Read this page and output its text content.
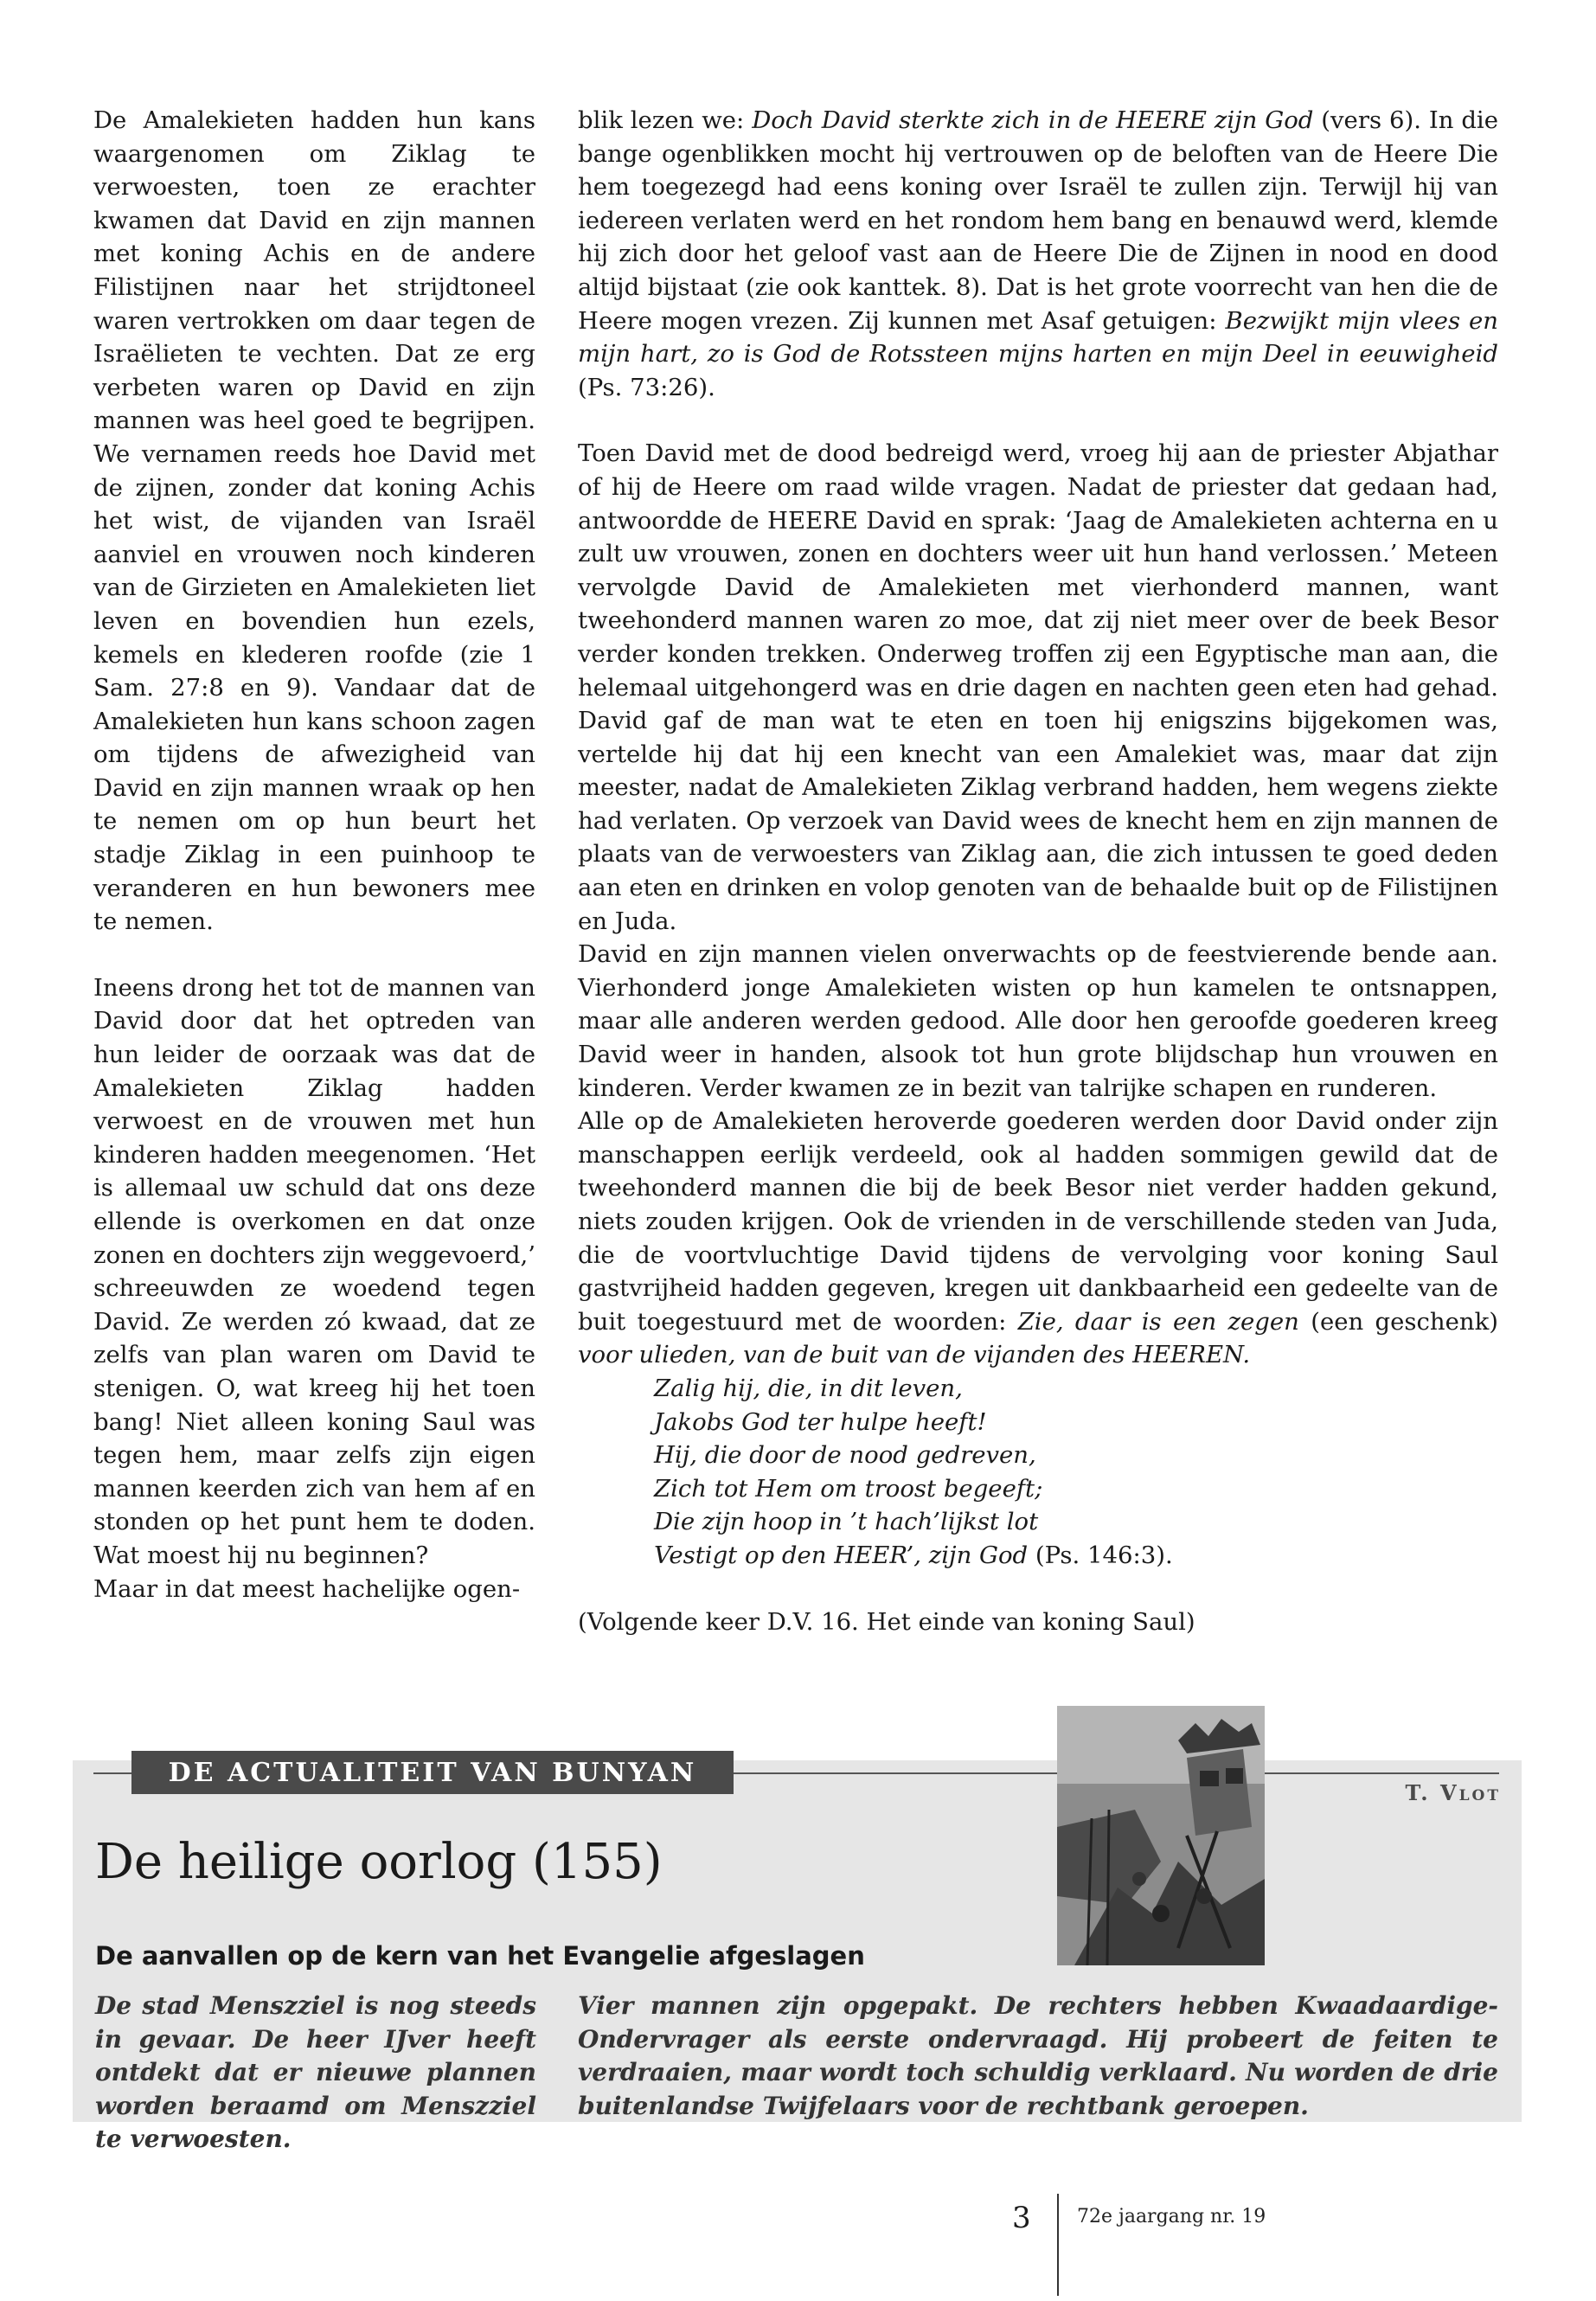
De Amalekieten hadden hun kans waargenomen om Ziklag te verwoesten, toen ze erachter kwamen dat David en zijn mannen met koning Achis en de andere Filistijnen naar het strijdtoneel waren vertrokken om daar tegen de Israëlieten te vechten. Dat ze erg verbeten waren op David en zijn mannen was heel goed te begrijpen. We vernamen reeds hoe David met de zijnen, zonder dat koning Achis het wist, de vijanden van Israël aanviel en vrouwen noch kinderen van de Girzieten en Amalekieten liet leven en bovendien hun ezels, kemels en klederen roofde (zie 1 Sam. 27:8 en 9). Vandaar dat de Amalekieten hun kans schoon zagen om tijdens de afwezigheid van David en zijn mannen wraak op hen te nemen om op hun beurt het stadje Ziklag in een puinhoop te veranderen en hun bewoners mee te nemen.

Ineens drong het tot de mannen van David door dat het optreden van hun leider de oorzaak was dat de Amalekieten Ziklag hadden verwoest en de vrouwen met hun kinderen hadden meegenomen. ‘Het is allemaal uw schuld dat ons deze ellende is overkomen en dat onze zonen en dochters zijn weggevoerd,’ schreeuwden ze woedend tegen David. Ze werden zó kwaad, dat ze zelfs van plan waren om David te stenigen. O, wat kreeg hij het toen bang! Niet alleen koning Saul was tegen hem, maar zelfs zijn eigen mannen keerden zich van hem af en stonden op het punt hem te doden. Wat moest hij nu beginnen?

Maar in dat meest hachelijke ogen-

blik lezen we: Doch David sterkte zich in de HEERE zijn God (vers 6). In die bange ogenblikken mocht hij vertrouwen op de beloften van de Heere Die hem toegezegd had eens koning over Israël te zullen zijn. Terwijl hij van iedereen verlaten werd en het rondom hem bang en benauwd werd, klemde hij zich door het geloof vast aan de Heere Die de Zijnen in nood en dood altijd bijstaat (zie ook kanttek. 8). Dat is het grote voorrecht van hen die de Heere mogen vrezen. Zij kunnen met Asaf getuigen: Bezwijkt mijn vlees en mijn hart, zo is God de Rotssteen mijns harten en mijn Deel in eeuwigheid (Ps. 73:26).

Toen David met de dood bedreigd werd, vroeg hij aan de priester Abjathar of hij de Heere om raad wilde vragen. Nadat de priester dat gedaan had, antwoordde de HEERE David en sprak: ‘Jaag de Amalekieten achterna en u zult uw vrouwen, zonen en dochters weer uit hun hand verlossen.’ Meteen vervolgde David de Amalekieten met vierhonderd mannen, want tweehonderd mannen waren zo moe, dat zij niet meer over de beek Besor verder konden trekken. Onderweg troffen zij een Egyptische man aan, die helemaal uitgehongerd was en drie dagen en nachten geen eten had gehad. David gaf de man wat te eten en toen hij enigszins bijgekomen was, vertelde hij dat hij een knecht van een Amalekiet was, maar dat zijn meester, nadat de Amalekieten Ziklag verbrand hadden, hem wegens ziekte had verlaten. Op verzoek van David wees de knecht hem en zijn mannen de plaats van de verwoesters van Ziklag aan, die zich intussen te goed deden aan eten en drinken en volop genoten van de behaalde buit op de Filistijnen en Juda.

David en zijn mannen vielen onverwachts op de feestvierende bende aan. Vierhonderd jonge Amalekieten wisten op hun kamelen te ontsnappen, maar alle anderen werden gedood. Alle door hen geroofde goederen kreeg David weer in handen, alsook tot hun grote blijdschap hun vrouwen en kinderen. Verder kwamen ze in bezit van talrijke schapen en runderen.

Alle op de Amalekieten heroverde goederen werden door David onder zijn manschappen eerlijk verdeeld, ook al hadden sommigen gewild dat de tweehonderd mannen die bij de beek Besor niet verder hadden gekund, niets zouden krijgen. Ook de vrienden in de verschillende steden van Juda, die de voortvluchtige David tijdens de vervolging voor koning Saul gastvrijheid hadden gegeven, kregen uit dankbaarheid een gedeelte van de buit toegestuurd met de woorden: Zie, daar is een zegen (een geschenk) voor ulieden, van de buit van de vijanden des HEEREN.

Zalig hij, die, in dit leven,
Jakobs God ter hulpe heeft!
Hij, die door de nood gedreven,
Zich tot Hem om troost begeeft;
Die zijn hoop in ’t hach’lijkst lot
Vestigt op den HEER’, zijn God (Ps. 146:3).

(Volgende keer D.V. 16. Het einde van koning Saul)

DE ACTUALITEIT VAN BUNYAN
T. Vlot
De heilige oorlog (155)
De aanvallen op de kern van het Evangelie afgeslagen
De stad Menszziel is nog steeds in gevaar. De heer IJver heeft ontdekt dat er nieuwe plannen worden beraamd om Menszziel te verwoesten.
Vier mannen zijn opgepakt. De rechters hebben Kwaadaardige-Ondervrager als eerste ondervraagd. Hij probeert de feiten te verdraaien, maar wordt toch schuldig verklaard. Nu worden de drie buitenlandse Twijfelaars voor de rechtbank geroepen.
3 72e jaargang nr. 19
